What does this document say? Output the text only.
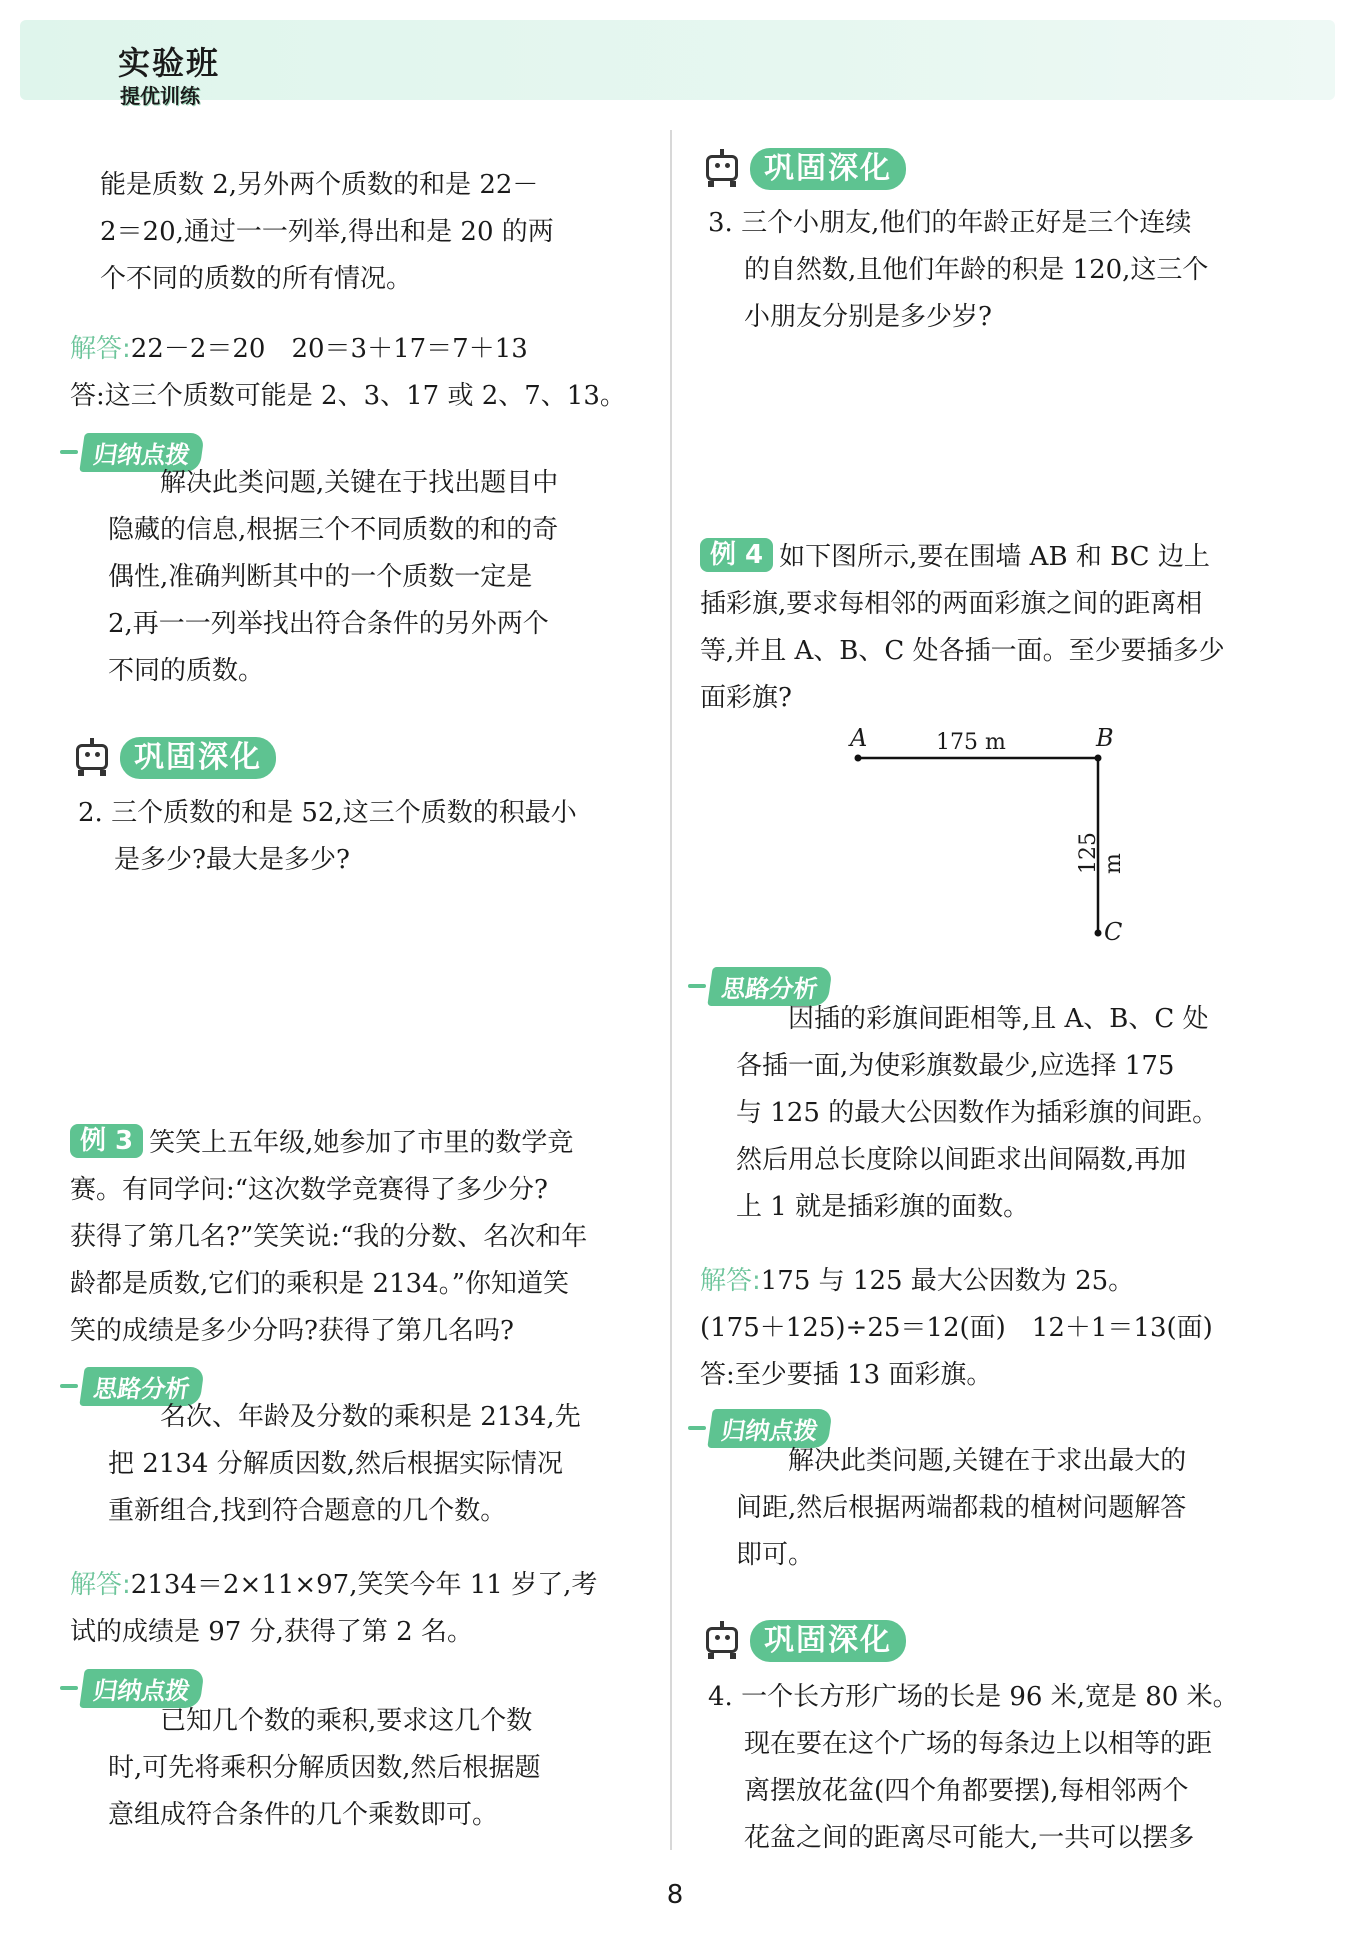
实验班
提优训练

能是质数 2,另外两个质数的和是 22－

2＝20,通过一一列举,得出和是 20 的两

个不同的质数的所有情况。

解答:22－2＝20　20＝3＋17＝7＋13

答:这三个质数可能是 2、3、17 或 2、7、13。

归纳点拨

解决此类问题,关键在于找出题目中

隐藏的信息,根据三个不同质数的和的奇

偶性,准确判断其中的一个质数一定是

2,再一一列举找出符合条件的另外两个

不同的质数。

巩固深化

2. 三个质数的和是 52,这三个质数的积最小

是多少?最大是多少?

例 3 笑笑上五年级,她参加了市里的数学竞

赛。有同学问:“这次数学竞赛得了多少分?

获得了第几名?”笑笑说:“我的分数、名次和年

龄都是质数,它们的乘积是 2134。”你知道笑

笑的成绩是多少分吗?获得了第几名吗?

思路分析

名次、年龄及分数的乘积是 2134,先

把 2134 分解质因数,然后根据实际情况

重新组合,找到符合题意的几个数。

解答:2134＝2×11×97,笑笑今年 11 岁了,考

试的成绩是 97 分,获得了第 2 名。

归纳点拨

已知几个数的乘积,要求这几个数

时,可先将乘积分解质因数,然后根据题

意组成符合条件的几个乘数即可。

巩固深化

3. 三个小朋友,他们的年龄正好是三个连续

的自然数,且他们年龄的积是 120,这三个

小朋友分别是多少岁?

例 4 如下图所示,要在围墙 AB 和 BC 边上

插彩旗,要求每相邻的两面彩旗之间的距离相

等,并且 A、B、C 处各插一面。至少要插多少

面彩旗?

A	B
C
175 m
125 m
思路分析

因插的彩旗间距相等,且 A、B、C 处

各插一面,为使彩旗数最少,应选择 175

与 125 的最大公因数作为插彩旗的间距。

然后用总长度除以间距求出间隔数,再加

上 1 就是插彩旗的面数。

解答:175 与 125 最大公因数为 25。

(175＋125)÷25＝12(面)　12＋1＝13(面)

答:至少要插 13 面彩旗。

归纳点拨

解决此类问题,关键在于求出最大的

间距,然后根据两端都栽的植树问题解答

即可。

巩固深化

4. 一个长方形广场的长是 96 米,宽是 80 米。

现在要在这个广场的每条边上以相等的距

离摆放花盆(四个角都要摆),每相邻两个

花盆之间的距离尽可能大,一共可以摆多

8
